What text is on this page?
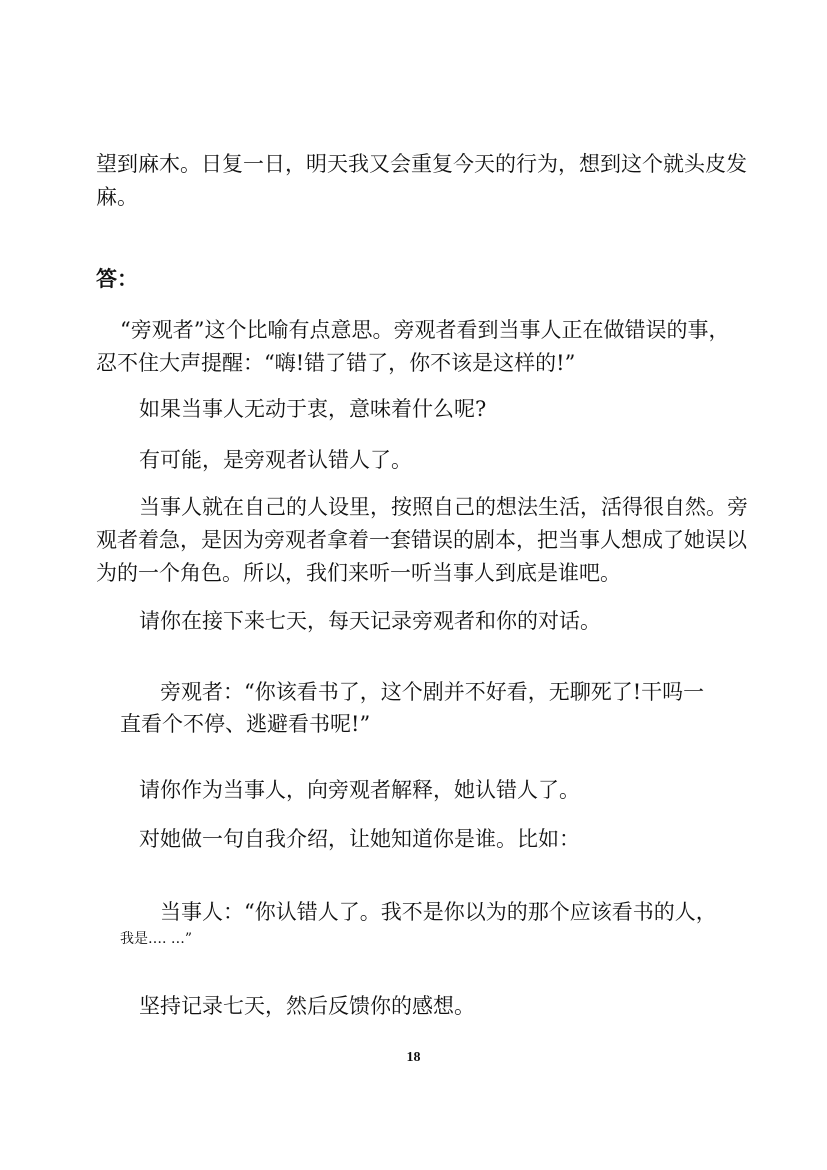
望到麻木。日复一日，明天我又会重复今天的行为，想到这个就头皮发

麻。

答：

“旁观者”这个比喻有点意思。旁观者看到当事人正在做错误的事，

忍不住大声提醒：“嗨!错了错了，你不该是这样的!”

如果当事人无动于衷，意味着什么呢?

有可能，是旁观者认错人了。

当事人就在自己的人设里，按照自己的想法生活，活得很自然。旁

观者着急，是因为旁观者拿着一套错误的剧本，把当事人想成了她误以

为的一个角色。所以，我们来听一听当事人到底是谁吧。

请你在接下来七天，每天记录旁观者和你的对话。

旁观者：“你该看书了，这个剧并不好看，无聊死了!干吗一

直看个不停、逃避看书呢!”

请你作为当事人，向旁观者解释，她认错人了。

对她做一句自我介绍，让她知道你是谁。比如：

当事人：“你认错人了。我不是你以为的那个应该看书的人，

我是…. …”

坚持记录七天，然后反馈你的感想。

18
